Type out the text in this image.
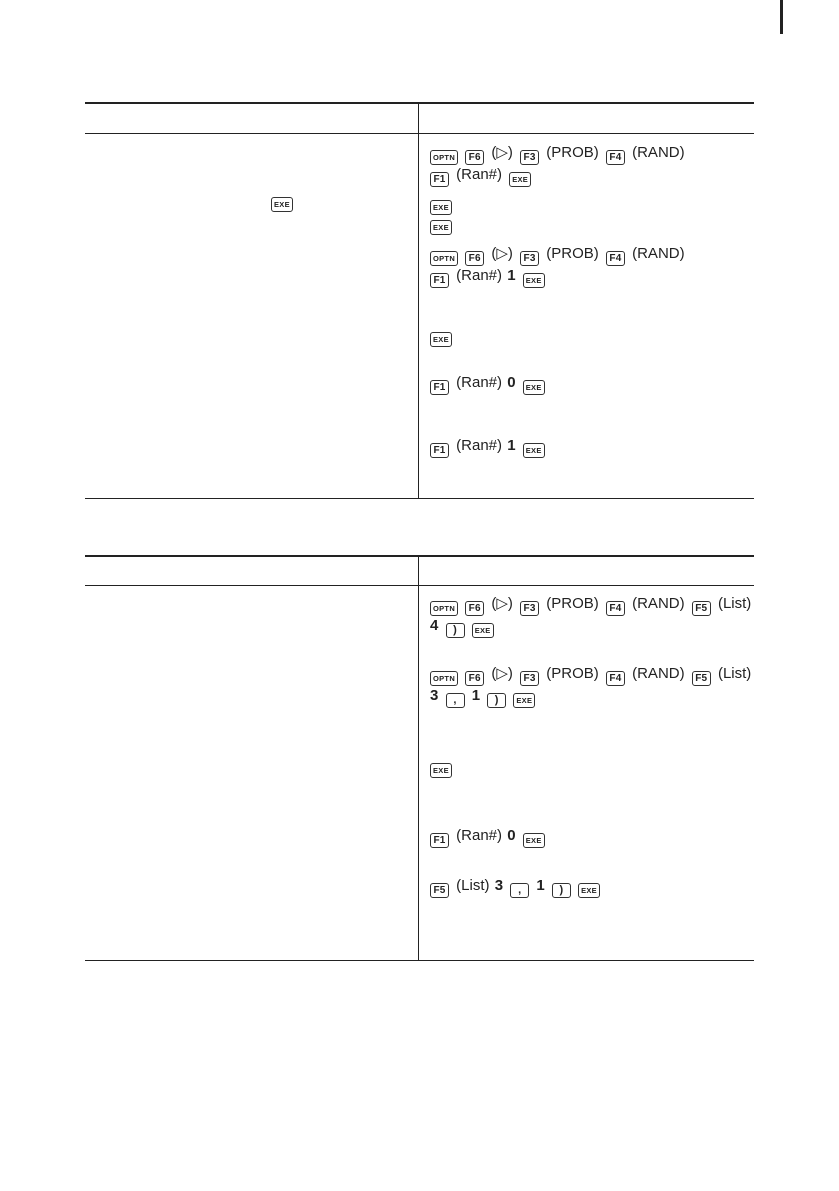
EXE
OPTN F6 (▷) F3 (PROB) F4 (RAND)
F1 (Ran#) EXE
EXE
EXE
OPTN F6 (▷) F3 (PROB) F4 (RAND)
F1 (Ran#) 1 EXE
EXE
F1 (Ran#) 0 EXE
F1 (Ran#) 1 EXE
OPTN F6 (▷) F3 (PROB) F4 (RAND) F5 (List)
4 ) EXE
OPTN F6 (▷) F3 (PROB) F4 (RAND) F5 (List)
3 , 1 ) EXE
EXE
F1 (Ran#) 0 EXE
F5 (List) 3 , 1 ) EXE
